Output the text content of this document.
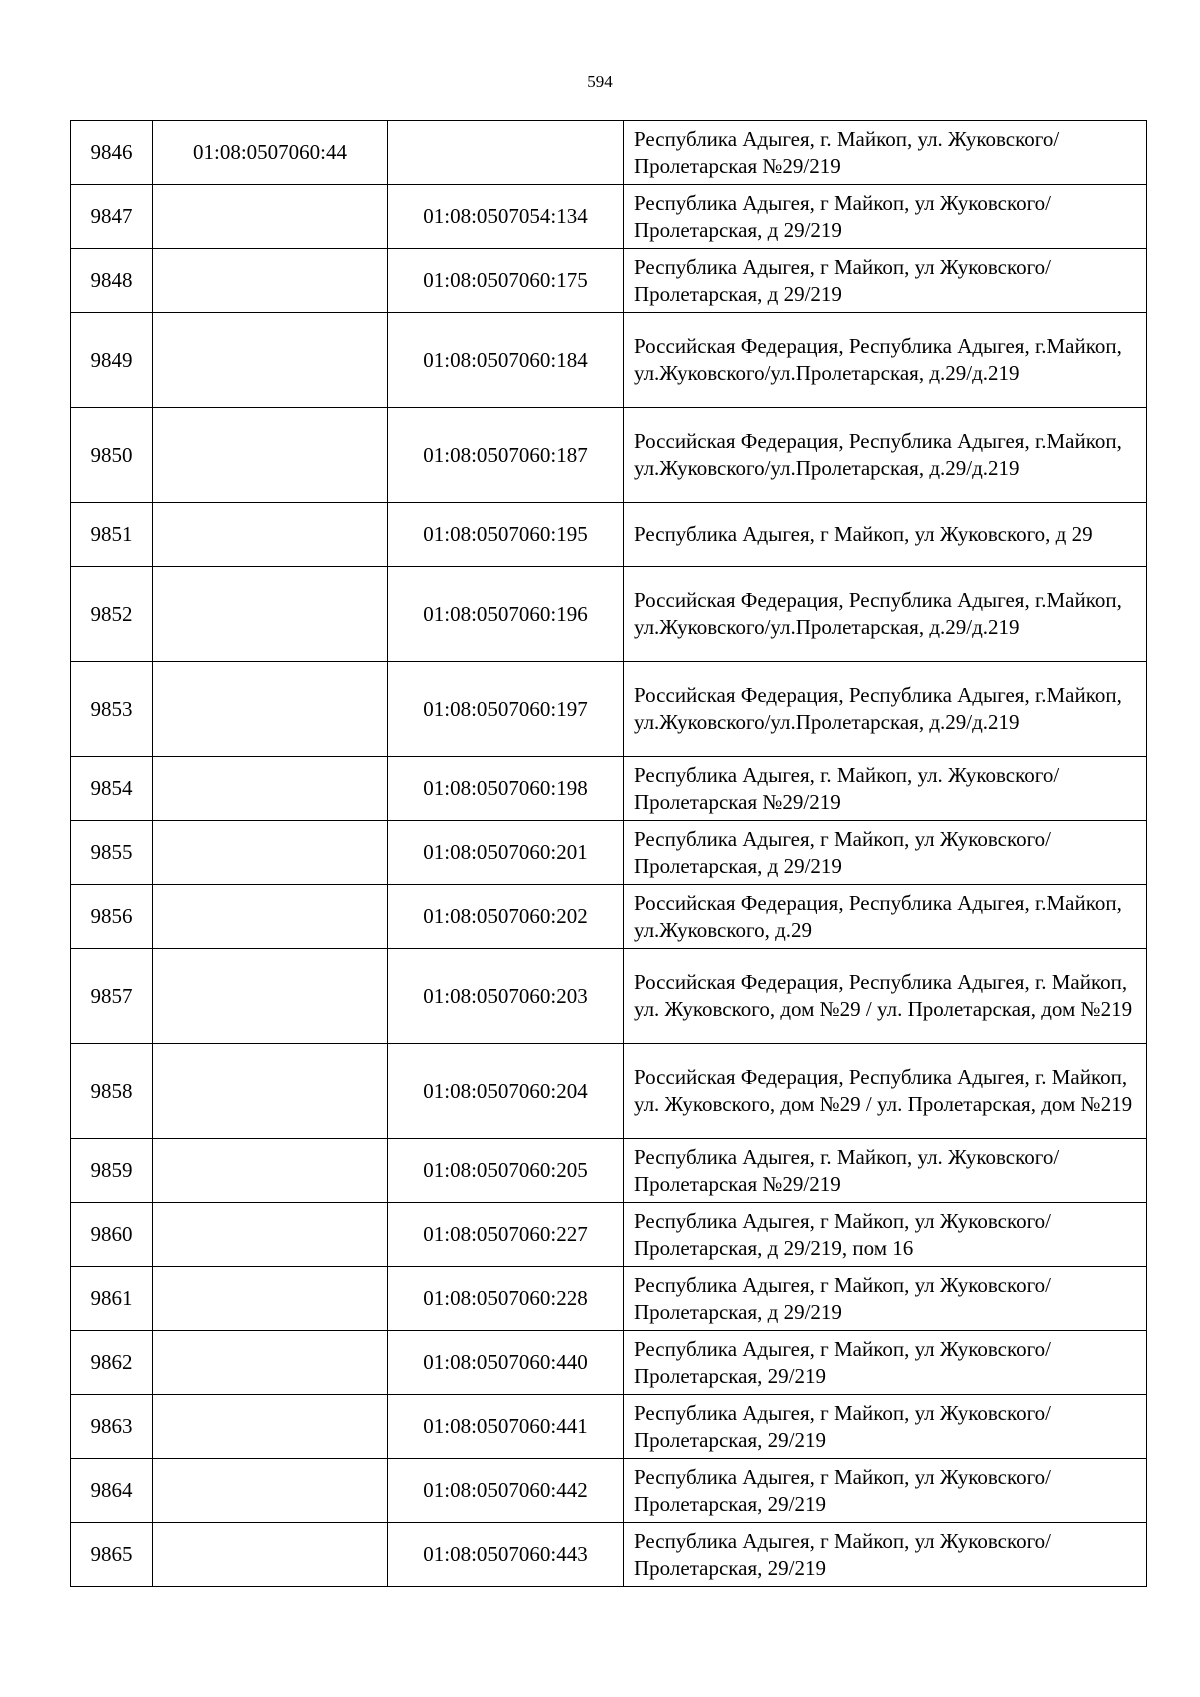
594
9846	01:08:0507060:44		Республика Адыгея, г. Майкоп, ул. Жуковского/Пролетарская №29/219
9847		01:08:0507054:134	Республика Адыгея, г Майкоп, ул Жуковского/Пролетарская, д 29/219
9848		01:08:0507060:175	Республика Адыгея, г Майкоп, ул Жуковского/Пролетарская, д 29/219
9849		01:08:0507060:184	Российская Федерация, Республика Адыгея, г.Майкоп, ул.Жуковского/ул.Пролетарская, д.29/д.219
9850		01:08:0507060:187	Российская Федерация, Республика Адыгея, г.Майкоп, ул.Жуковского/ул.Пролетарская, д.29/д.219
9851		01:08:0507060:195	Республика Адыгея, г Майкоп, ул Жуковского, д 29
9852		01:08:0507060:196	Российская Федерация, Республика Адыгея, г.Майкоп, ул.Жуковского/ул.Пролетарская, д.29/д.219
9853		01:08:0507060:197	Российская Федерация, Республика Адыгея, г.Майкоп, ул.Жуковского/ул.Пролетарская, д.29/д.219
9854		01:08:0507060:198	Республика Адыгея, г. Майкоп, ул. Жуковского/Пролетарская №29/219
9855		01:08:0507060:201	Республика Адыгея, г Майкоп, ул Жуковского/Пролетарская, д 29/219
9856		01:08:0507060:202	Российская Федерация, Республика Адыгея, г.Майкоп, ул.Жуковского, д.29
9857		01:08:0507060:203	Российская Федерация, Республика Адыгея, г. Майкоп, ул. Жуковского, дом №29 / ул. Пролетарская, дом №219
9858		01:08:0507060:204	Российская Федерация, Республика Адыгея, г. Майкоп, ул. Жуковского, дом №29 / ул. Пролетарская, дом №219
9859		01:08:0507060:205	Республика Адыгея, г. Майкоп, ул. Жуковского/Пролетарская №29/219
9860		01:08:0507060:227	Республика Адыгея, г Майкоп, ул Жуковского/Пролетарская, д 29/219, пом 16
9861		01:08:0507060:228	Республика Адыгея, г Майкоп, ул Жуковского/Пролетарская, д 29/219
9862		01:08:0507060:440	Республика Адыгея, г Майкоп, ул Жуковского/Пролетарская, 29/219
9863		01:08:0507060:441	Республика Адыгея, г Майкоп, ул Жуковского/Пролетарская, 29/219
9864		01:08:0507060:442	Республика Адыгея, г Майкоп, ул Жуковского/Пролетарская, 29/219
9865		01:08:0507060:443	Республика Адыгея, г Майкоп, ул Жуковского/Пролетарская, 29/219
